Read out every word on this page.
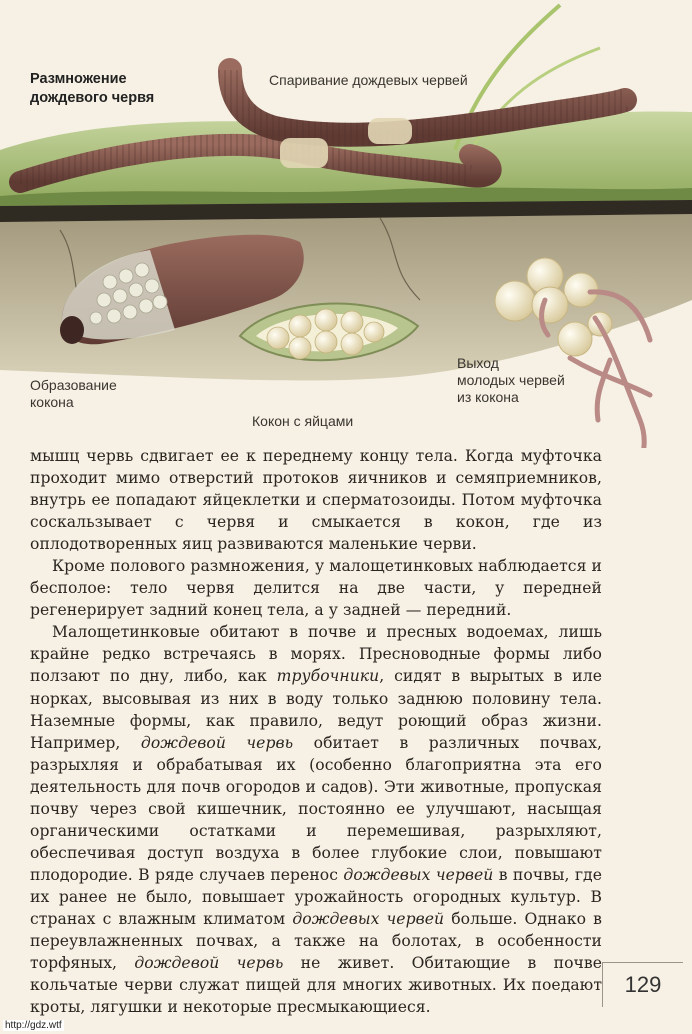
Размножение
дождевого червя
Спаривание дождевых червей
Образование
кокона
Кокон с яйцами
Выход
молодых червей
из кокона

мышц червь сдвигает ее к переднему концу тела. Когда муфточка проходит мимо отверстий протоков яичников и семяприемников, внутрь ее попадают яйцеклетки и сперматозоиды. Потом муфточка соскальзывает с червя и смыкается в кокон, где из оплодотворенных яиц развиваются маленькие черви.

Кроме полового размножения, у малощетинковых наблюдается и бесполое: тело червя делится на две части, у передней регенерирует задний конец тела, а у задней — передний.

Малощетинковые обитают в почве и пресных водоемах, лишь крайне редко встречаясь в морях. Пресноводные формы либо ползают по дну, либо, как трубочники, сидят в вырытых в иле норках, высовывая из них в воду только заднюю половину тела. Наземные формы, как правило, ведут роющий образ жизни. Например, дождевой червь обитает в различных почвах, разрыхляя и обрабатывая их (особенно благоприятна эта его деятельность для почв огородов и садов). Эти животные, пропуская почву через свой кишечник, постоянно ее улучшают, насыщая органическими остатками и перемешивая, разрыхляют, обеспечивая доступ воздуха в более глубокие слои, повышают плодородие. В ряде случаев перенос дождевых червей в почвы, где их ранее не было, повышает урожайность огородных культур. В странах с влажным климатом дождевых червей больше. Однако в переувлажненных почвах, а также на болотах, в особенности торфяных, дождевой червь не живет. Обитающие в почве кольчатые черви служат пищей для многих животных. Их поедают кроты, лягушки и некоторые пресмыкающиеся.

129
http://gdz.wtf
